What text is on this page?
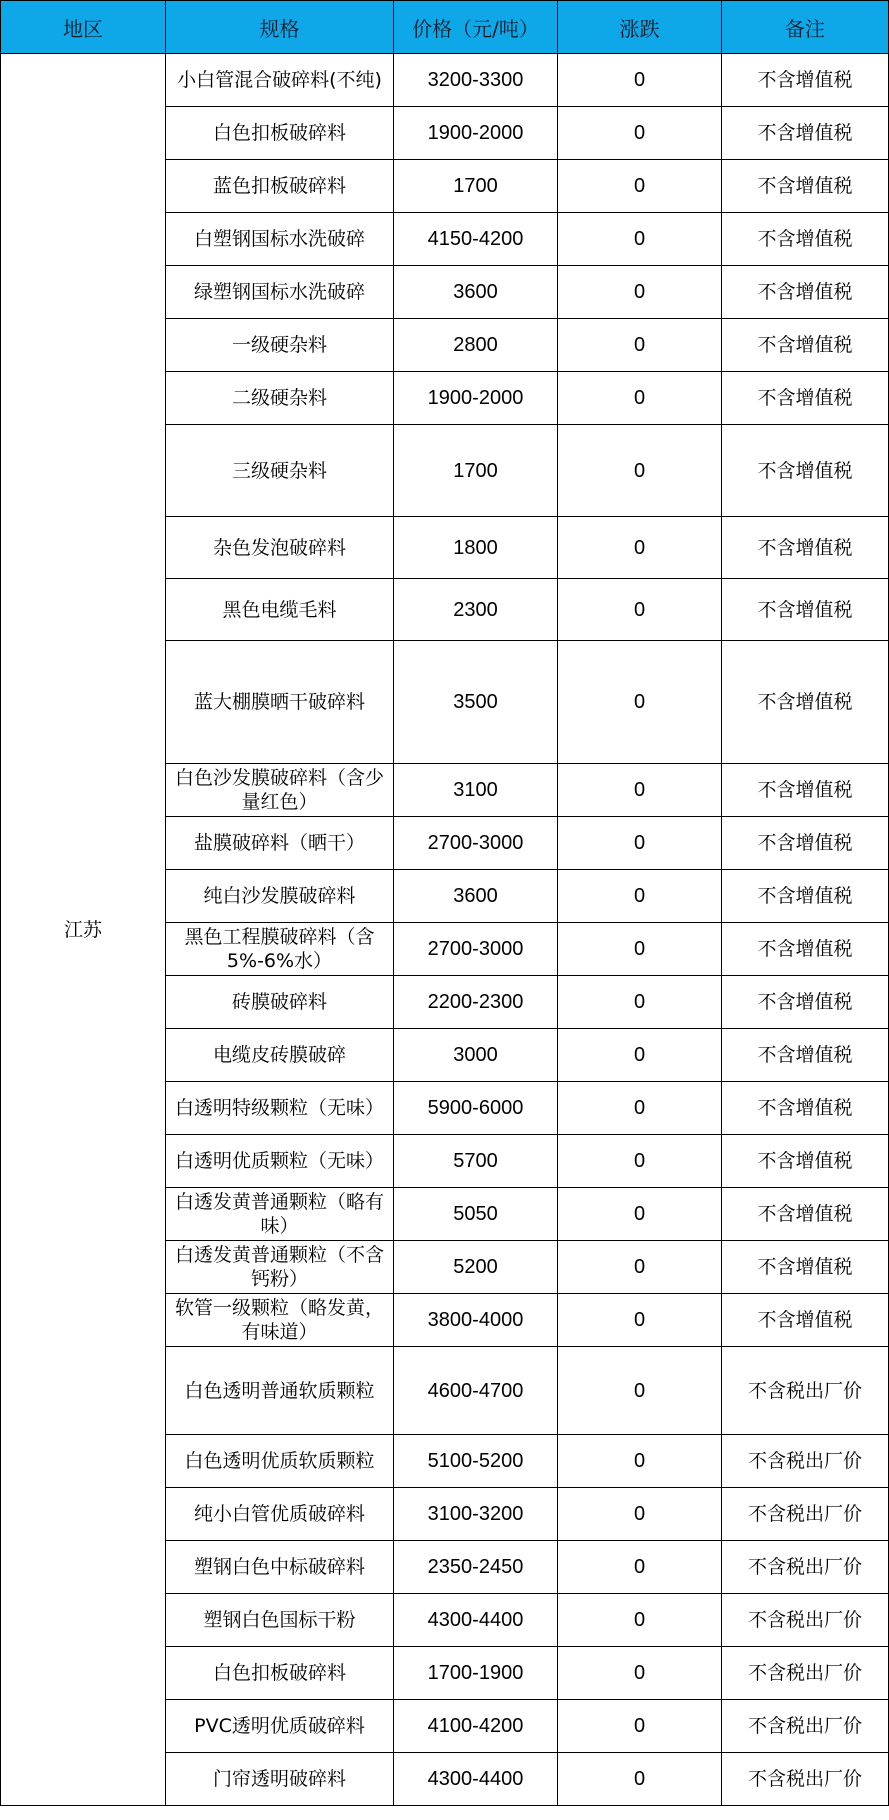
地区	规格	价格（元/吨）	涨跌	备注
江苏	小白管混合破碎料(不纯)	3200-3300	0	不含增值税
	白色扣板破碎料	1900-2000	0	不含增值税
	蓝色扣板破碎料	1700	0	不含增值税
	白塑钢国标水洗破碎	4150-4200	0	不含增值税
	绿塑钢国标水洗破碎	3600	0	不含增值税
	一级硬杂料	2800	0	不含增值税
	二级硬杂料	1900-2000	0	不含增值税
	三级硬杂料	1700	0	不含增值税
	杂色发泡破碎料	1800	0	不含增值税
	黑色电缆毛料	2300	0	不含增值税
	蓝大棚膜晒干破碎料	3500	0	不含增值税
	白色沙发膜破碎料（含少量红色）	3100	0	不含增值税
	盐膜破碎料（晒干）	2700-3000	0	不含增值税
	纯白沙发膜破碎料	3600	0	不含增值税
	黑色工程膜破碎料（含5%-6%水）	2700-3000	0	不含增值税
	砖膜破碎料	2200-2300	0	不含增值税
	电缆皮砖膜破碎	3000	0	不含增值税
	白透明特级颗粒（无味）	5900-6000	0	不含增值税
	白透明优质颗粒（无味）	5700	0	不含增值税
	白透发黄普通颗粒（略有味）	5050	0	不含增值税
	白透发黄普通颗粒（不含钙粉）	5200	0	不含增值税
	软管一级颗粒（略发黄，有味道）	3800-4000	0	不含增值税
	白色透明普通软质颗粒	4600-4700	0	不含税出厂价
	白色透明优质软质颗粒	5100-5200	0	不含税出厂价
	纯小白管优质破碎料	3100-3200	0	不含税出厂价
	塑钢白色中标破碎料	2350-2450	0	不含税出厂价
	塑钢白色国标干粉	4300-4400	0	不含税出厂价
	白色扣板破碎料	1700-1900	0	不含税出厂价
	PVC透明优质破碎料	4100-4200	0	不含税出厂价
	门帘透明破碎料	4300-4400	0	不含税出厂价
